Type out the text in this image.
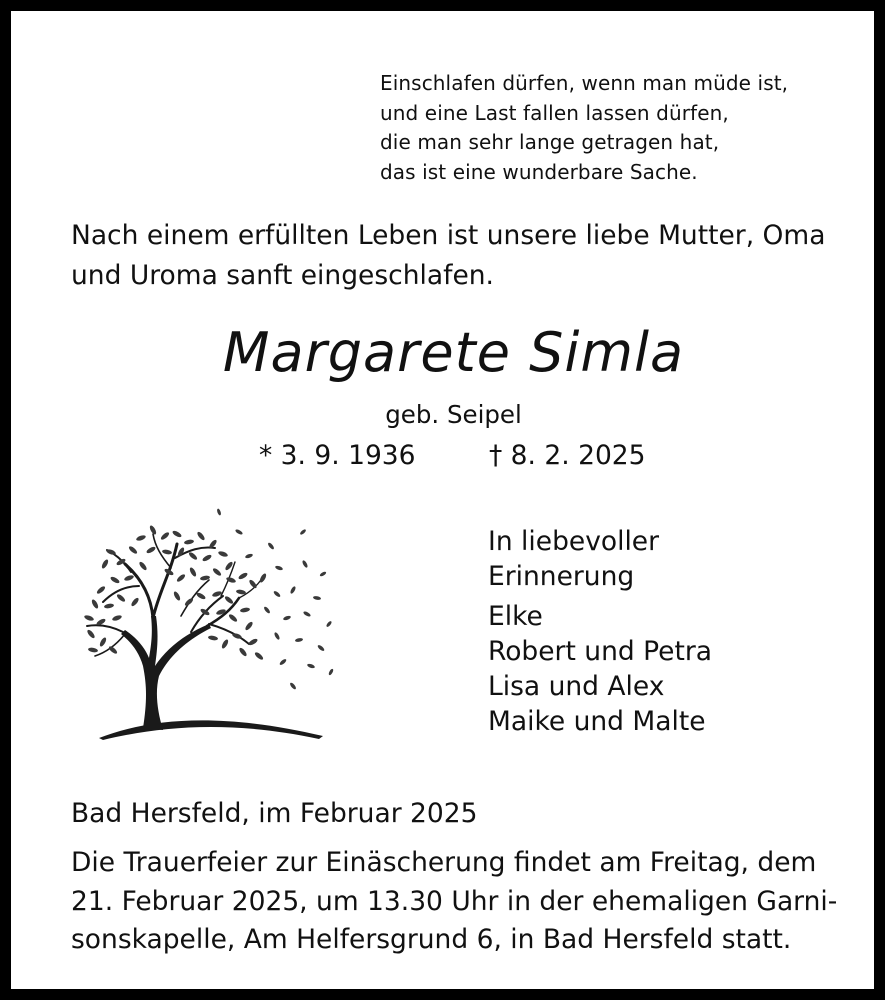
Einschlafen dürfen, wenn man müde ist,
und eine Last fallen lassen dürfen,
die man sehr lange getragen hat,
das ist eine wunderbare Sache.
Nach einem erfüllten Leben ist unsere liebe Mutter, Oma
und Uroma sanft eingeschlafen.
Margarete Simla
geb. Seipel
* 3. 9. 1936	† 8. 2. 2025
In liebevoller
Erinnerung
Elke
Robert und Petra
Lisa und Alex
Maike und Malte
Bad Hersfeld, im Februar 2025
Die Trauerfeier zur Einäscherung findet am Freitag, dem
21. Februar 2025, um 13.30 Uhr in der ehemaligen Garni-
sonskapelle, Am Helfersgrund 6, in Bad Hersfeld statt.
